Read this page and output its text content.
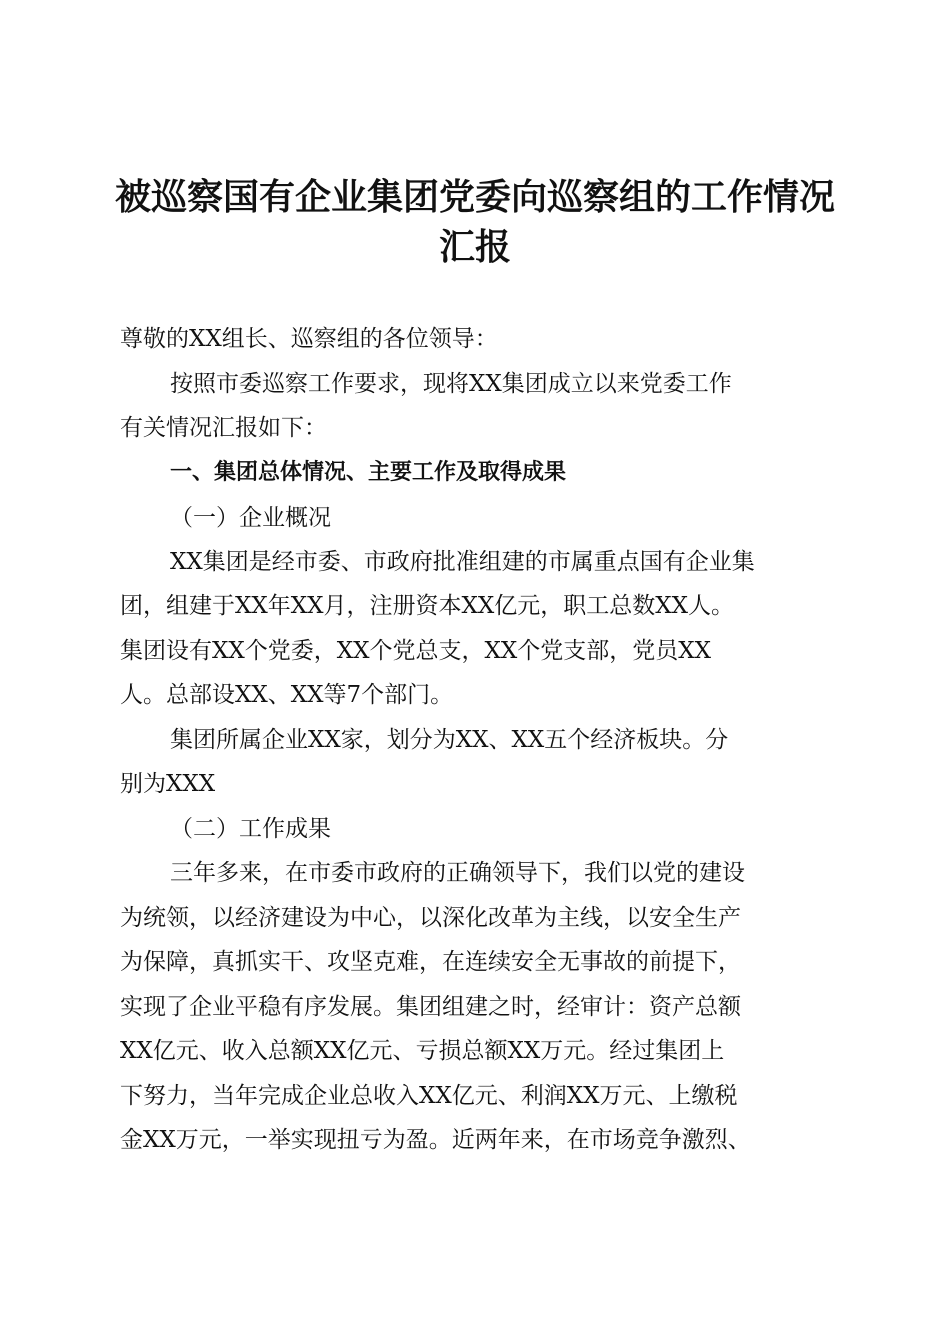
被巡察国有企业集团党委向巡察组的工作情况
汇报

尊敬的XX组长、巡察组的各位领导：

按照市委巡察工作要求，现将XX集团成立以来党委工作

有关情况汇报如下：

一、集团总体情况、主要工作及取得成果

（一）企业概况

XX集团是经市委、市政府批准组建的市属重点国有企业集

团，组建于XX年XX月，注册资本XX亿元，职工总数XX人。

集团设有XX个党委，XX个党总支，XX个党支部，党员XX

人。总部设XX、XX等7个部门。

集团所属企业XX家，划分为XX、XX五个经济板块。分

别为XXX

（二）工作成果

三年多来，在市委市政府的正确领导下，我们以党的建设

为统领，以经济建设为中心，以深化改革为主线，以安全生产

为保障，真抓实干、攻坚克难，在连续安全无事故的前提下，

实现了企业平稳有序发展。集团组建之时，经审计：资产总额

XX亿元、收入总额XX亿元、亏损总额XX万元。经过集团上

下努力，当年完成企业总收入XX亿元、利润XX万元、上缴税

金XX万元，一举实现扭亏为盈。近两年来，在市场竞争激烈、
